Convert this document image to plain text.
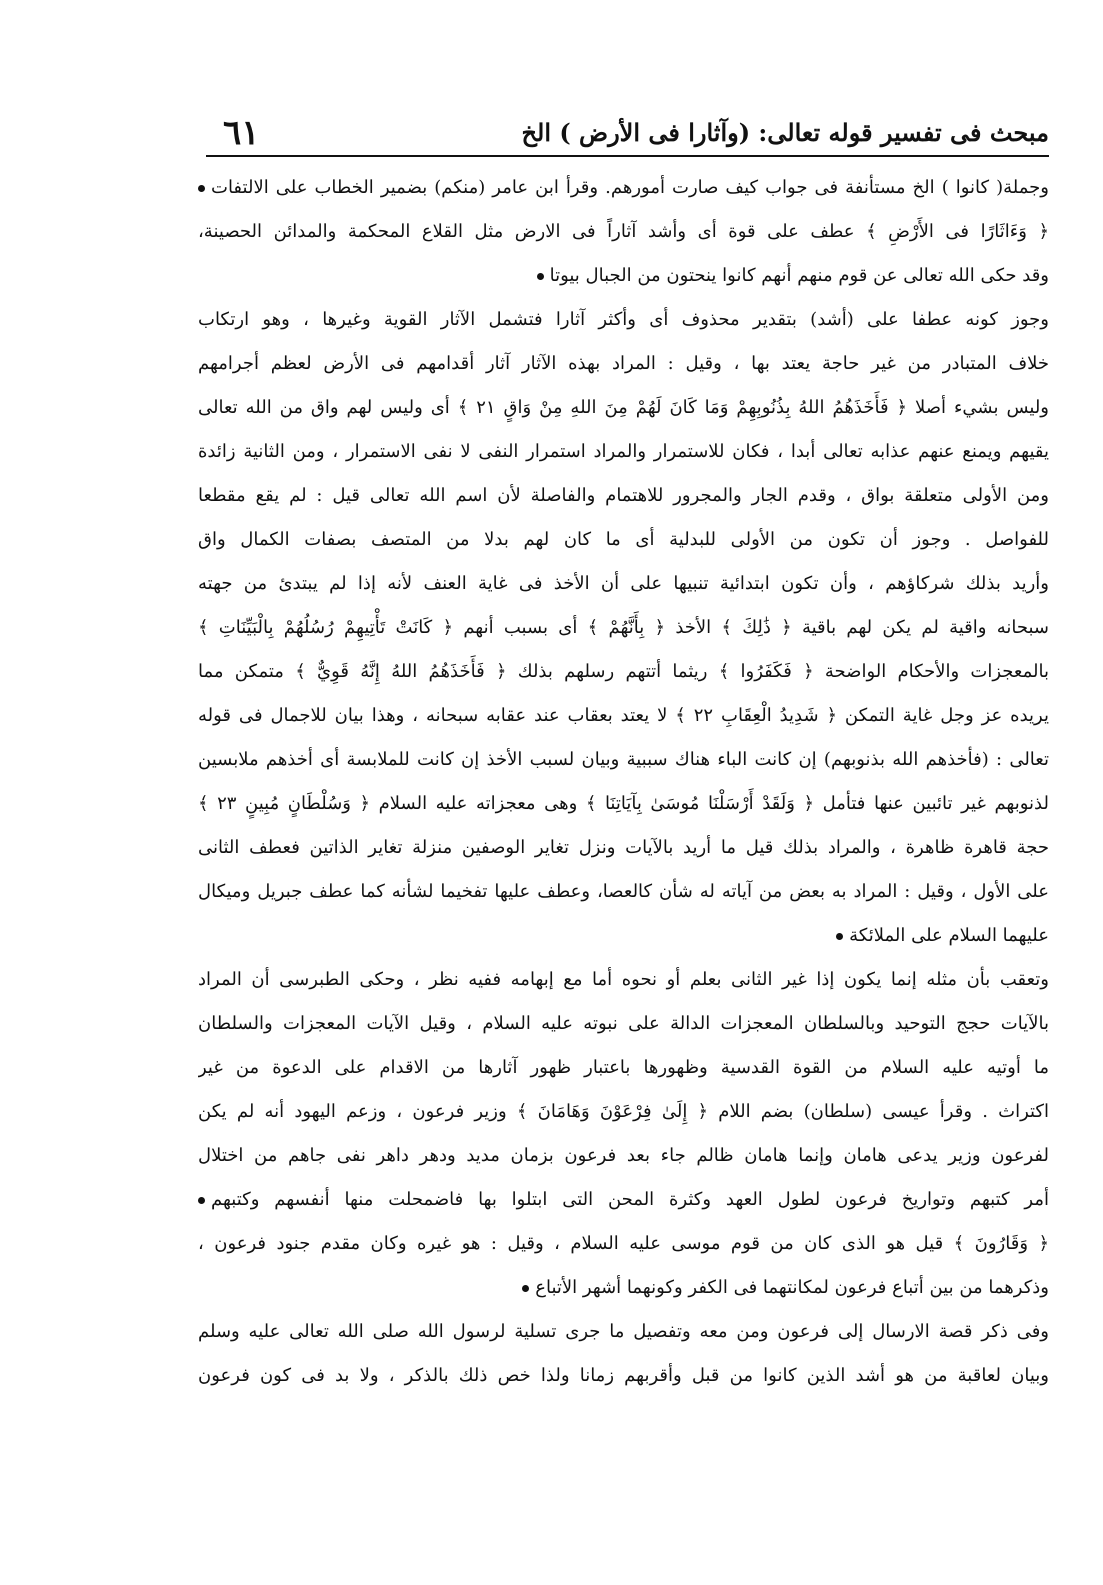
٦١	مبحث فى تفسير قوله تعالى: (وآثارا فى الأرض ) الخ
وجملة( كانوا ) الخ مستأنفة فى جواب كيف صارت أمورهم. وقرأ ابن عامر (منكم) بضمير الخطاب على الالتفات
﴿ وَءَاثَارًا فى الأَرْضِ ﴾ عطف على قوة أى وأشد آثاراً فى الارض مثل القلاع المحكمة والمدائن الحصينة،
وقد حكى الله تعالى عن قوم منهم أنهم كانوا ينحتون من الجبال بيوتا
وجوز كونه عطفا على (أشد) بتقدير محذوف أى وأكثر آثارا فتشمل الآثار القوية وغيرها ، وهو ارتكاب
خلاف المتبادر من غير حاجة يعتد بها ، وقيل : المراد بهذه الآثار آثار أقدامهم فى الأرض لعظم أجرامهم
وليس بشيء أصلا ﴿ فَأَخَذَهُمُ اللهُ بِذُنُوبِهِمْ وَمَا كَانَ لَهُمْ مِنَ اللهِ مِنْ وَاقٍ ٢١ ﴾ أى وليس لهم واق من الله تعالى
يقيهم ويمنع عنهم عذابه تعالى أبدا ، فكان للاستمرار والمراد استمرار النفى لا نفى الاستمرار ، ومن الثانية زائدة
ومن الأولى متعلقة بواق ، وقدم الجار والمجرور للاهتمام والفاصلة لأن اسم الله تعالى قيل : لم يقع مقطعا
للفواصل . وجوز أن تكون من الأولى للبدلية أى ما كان لهم بدلا من المتصف بصفات الكمال واق
وأريد بذلك شركاؤهم ، وأن تكون ابتدائية تنبيها على أن الأخذ فى غاية العنف لأنه إذا لم يبتدئ من جهته
سبحانه واقية لم يكن لهم باقية ﴿ ذَٰلِكَ ﴾ الأخذ ﴿ بِأَنَّهُمْ ﴾ أى بسبب أنهم ﴿ كَانَتْ تَأْتِيهِمْ رُسُلُهُمْ بِالْبَيِّنَاتِ ﴾
بالمعجزات والأحكام الواضحة ﴿ فَكَفَرُوا ﴾ ريثما أتتهم رسلهم بذلك ﴿ فَأَخَذَهُمُ اللهُ إِنَّهُ قَوِيٌّ ﴾ متمكن مما
يريده عز وجل غاية التمكن ﴿ شَدِيدُ الْعِقَابِ ٢٢ ﴾ لا يعتد بعقاب عند عقابه سبحانه ، وهذا بيان للاجمال فى قوله
تعالى : (فأخذهم الله بذنوبهم) إن كانت الباء هناك سببية وبيان لسبب الأخذ إن كانت للملابسة أى أخذهم ملابسين
لذنوبهم غير تائبين عنها فتأمل ﴿ وَلَقَدْ أَرْسَلْنَا مُوسَىٰ بِآيَاتِنَا ﴾ وهى معجزاته عليه السلام ﴿ وَسُلْطَانٍ مُبِينٍ ٢٣ ﴾
حجة قاهرة ظاهرة ، والمراد بذلك قيل ما أريد بالآيات ونزل تغاير الوصفين منزلة تغاير الذاتين فعطف الثانى
على الأول ، وقيل : المراد به بعض من آياته له شأن كالعصا، وعطف عليها تفخيما لشأنه كما عطف جبريل وميكال
عليهما السلام على الملائكة
وتعقب بأن مثله إنما يكون إذا غير الثانى بعلم أو نحوه أما مع إبهامه ففيه نظر ، وحكى الطبرسى أن المراد
بالآيات حجج التوحيد وبالسلطان المعجزات الدالة على نبوته عليه السلام ، وقيل الآيات المعجزات والسلطان
ما أوتيه عليه السلام من القوة القدسية وظهورها باعتبار ظهور آثارها من الاقدام على الدعوة من غير
اكتراث . وقرأ عيسى (سلطان) بضم اللام ﴿ إِلَىٰ فِرْعَوْنَ وَهَامَانَ ﴾ وزير فرعون ، وزعم اليهود أنه لم يكن
لفرعون وزير يدعى هامان وإنما هامان ظالم جاء بعد فرعون بزمان مديد ودهر داهر نفى جاهم من اختلال
أمر كتبهم وتواريخ فرعون لطول العهد وكثرة المحن التى ابتلوا بها فاضمحلت منها أنفسهم وكتبهم
﴿ وَقَارُونَ ﴾ قيل هو الذى كان من قوم موسى عليه السلام ، وقيل : هو غيره وكان مقدم جنود فرعون ،
وذكرهما من بين أتباع فرعون لمكانتهما فى الكفر وكونهما أشهر الأتباع
وفى ذكر قصة الارسال إلى فرعون ومن معه وتفصيل ما جرى تسلية لرسول الله صلى الله تعالى عليه وسلم
وبيان لعاقبة من هو أشد الذين كانوا من قبل وأقربهم زمانا ولذا خص ذلك بالذكر ، ولا بد فى كون فرعون
